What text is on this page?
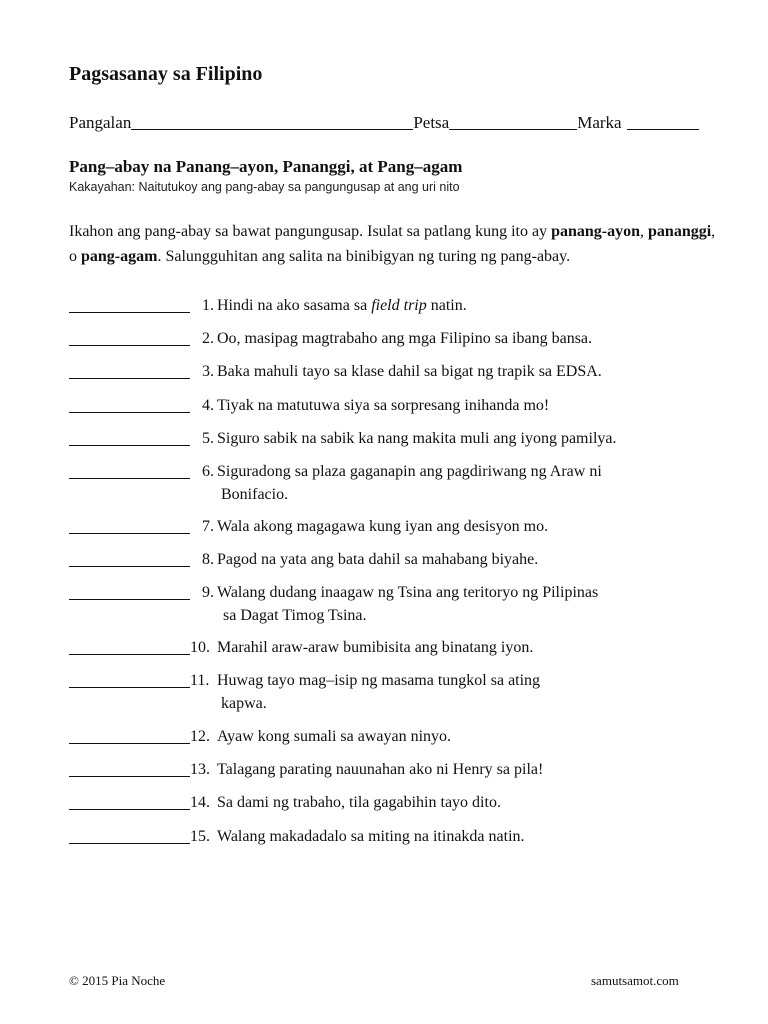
Pagsasanay sa Filipino
Pangalan	Petsa	Marka
Pang–abay na Panang–ayon, Pananggi, at Pang–agam
Kakayahan: Naitutukoy ang pang-abay sa pangungusap at ang uri nito

Ikahon ang pang-abay sa bawat pangungusap. Isulat sa patlang kung ito ay panang-ayon, pananggi, o pang-agam. Salungguhitan ang salita na binibigyan ng turing ng pang-abay.

1. Hindi na ako sasama sa field trip natin.
2. Oo, masipag magtrabaho ang mga Filipino sa ibang bansa.
3. Baka mahuli tayo sa klase dahil sa bigat ng trapik sa EDSA.
4. Tiyak na matutuwa siya sa sorpresang inihanda mo!
5. Siguro sabik na sabik ka nang makita muli ang iyong pamilya.
6. Siguradong sa plaza gaganapin ang pagdiriwang ng Araw ni
Bonifacio.
7. Wala akong magagawa kung iyan ang desisyon mo.
8. Pagod na yata ang bata dahil sa mahabang biyahe.
9. Walang dudang inaagaw ng Tsina ang teritoryo ng Pilipinas
sa Dagat Timog Tsina.
10. Marahil araw-araw bumibisita ang binatang iyon.
11. Huwag tayo mag–isip ng masama tungkol sa ating
kapwa.
12. Ayaw kong sumali sa awayan ninyo.
13. Talagang parating nauunahan ako ni Henry sa pila!
14. Sa dami ng trabaho, tila gagabihin tayo dito.
15. Walang makadadalo sa miting na itinakda natin.
© 2015 Pia Noche	samutsamot.com
